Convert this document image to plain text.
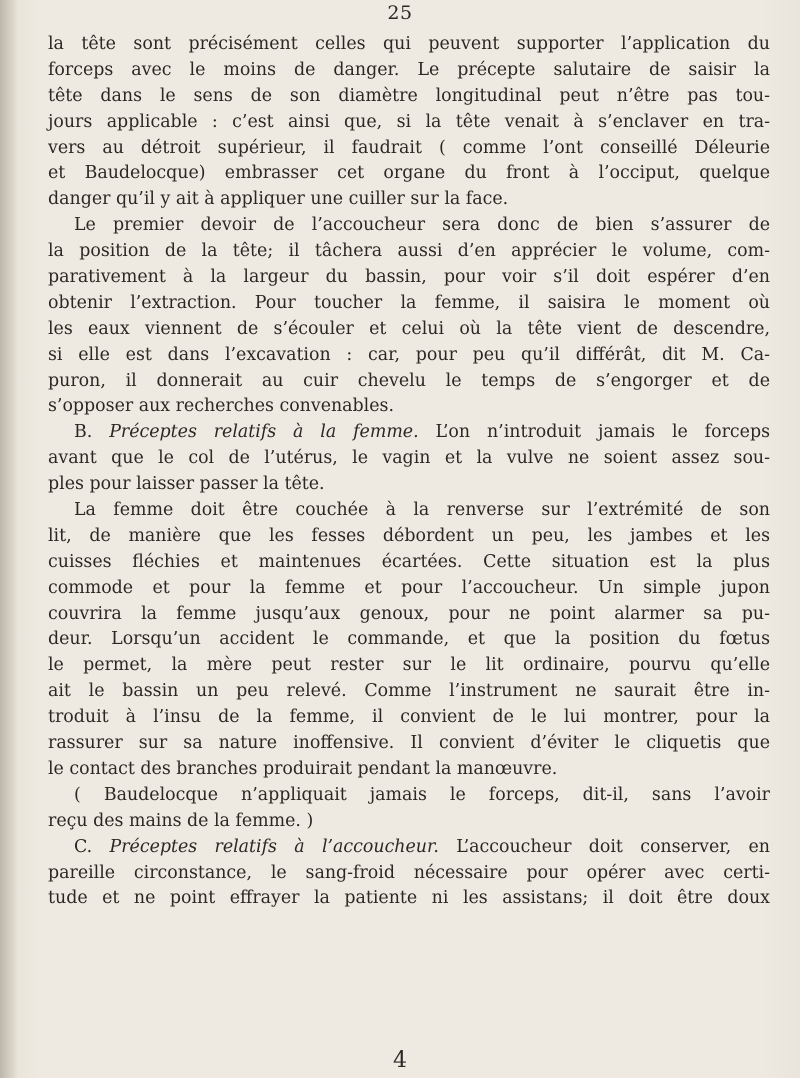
25
la tête sont précisément celles qui peuvent supporter l’application du
forceps avec le moins de danger. Le précepte salutaire de saisir la
tête dans le sens de son diamètre longitudinal peut n’être pas tou-
jours applicable : c’est ainsi que, si la tête venait à s’enclaver en tra-
vers au détroit supérieur, il faudrait ( comme l’ont conseillé Déleurie
et Baudelocque) embrasser cet organe du front à l’occiput, quelque
danger qu’il y ait à appliquer une cuiller sur la face.
Le premier devoir de l’accoucheur sera donc de bien s’assurer de
la position de la tête; il tâchera aussi d’en apprécier le volume, com-
parativement à la largeur du bassin, pour voir s’il doit espérer d’en
obtenir l’extraction. Pour toucher la femme, il saisira le moment où
les eaux viennent de s’écouler et celui où la tête vient de descendre,
si elle est dans l’excavation : car, pour peu qu’il différât, dit M. Ca-
puron, il donnerait au cuir chevelu le temps de s’engorger et de
s’opposer aux recherches convenables.
B. Préceptes relatifs à la femme. L’on n’introduit jamais le forceps
avant que le col de l’utérus, le vagin et la vulve ne soient assez sou-
ples pour laisser passer la tête.
La femme doit être couchée à la renverse sur l’extrémité de son
lit, de manière que les fesses débordent un peu, les jambes et les
cuisses fléchies et maintenues écartées. Cette situation est la plus
commode et pour la femme et pour l’accoucheur. Un simple jupon
couvrira la femme jusqu’aux genoux, pour ne point alarmer sa pu-
deur. Lorsqu’un accident le commande, et que la position du fœtus
le permet, la mère peut rester sur le lit ordinaire, pourvu qu’elle
ait le bassin un peu relevé. Comme l’instrument ne saurait être in-
troduit à l’insu de la femme, il convient de le lui montrer, pour la
rassurer sur sa nature inoffensive. Il convient d’éviter le cliquetis que
le contact des branches produirait pendant la manœuvre.
( Baudelocque n’appliquait jamais le forceps, dit-il, sans l’avoir
reçu des mains de la femme. )
C. Préceptes relatifs à l’accoucheur. L’accoucheur doit conserver, en
pareille circonstance, le sang-froid nécessaire pour opérer avec certi-
tude et ne point effrayer la patiente ni les assistans; il doit être doux
4
